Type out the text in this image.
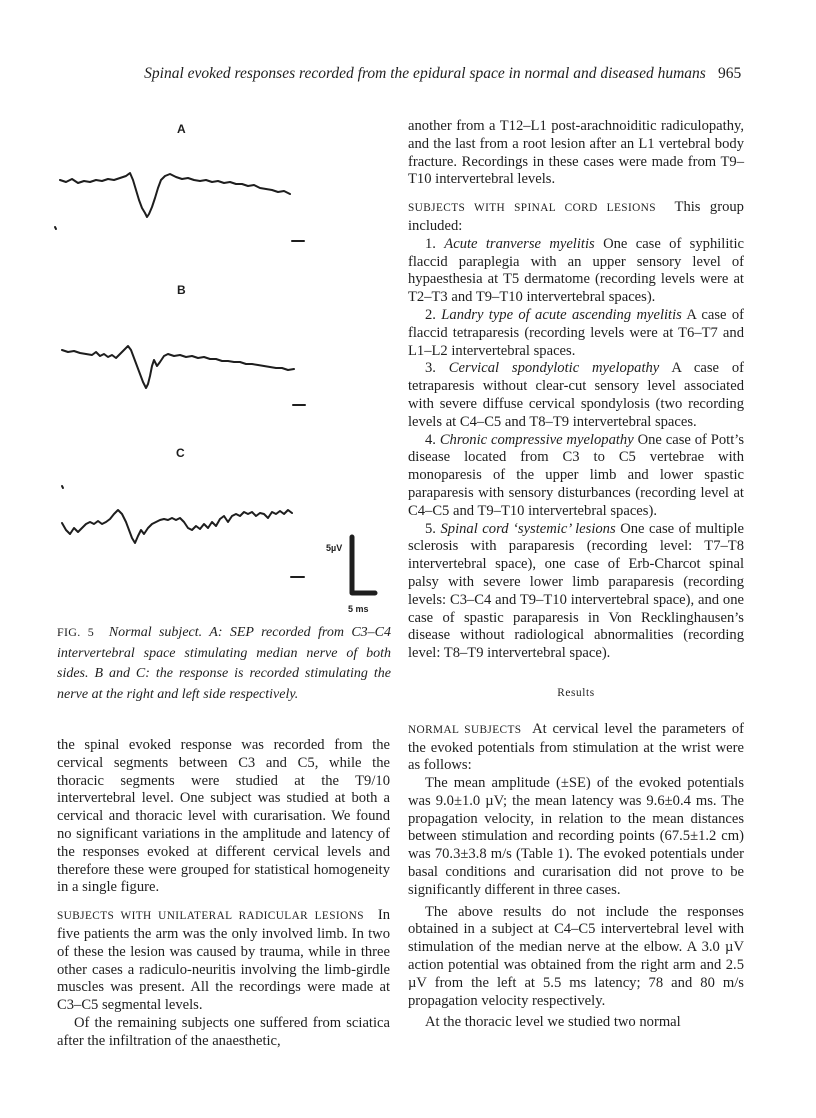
Spinal evoked responses recorded from the epidural space in normal and diseased humans 965
A
B
C
5µV
5 ms
FIG. 5 Normal subject. A: SEP recorded from C3–C4 intervertebral space stimulating median nerve of both sides. B and C: the response is recorded stimulating the nerve at the right and left side respectively.

the spinal evoked response was recorded from the cervical segments between C3 and C5, while the thoracic segments were studied at the T9/10 intervertebral level. One subject was studied at both a cervical and thoracic level with curarisation. We found no significant variations in the amplitude and latency of the responses evoked at different cervical levels and therefore these were grouped for statistical homogeneity in a single figure.

SUBJECTS WITH UNILATERAL RADICULAR LESIONS In five patients the arm was the only involved limb. In two of these the lesion was caused by trauma, while in three other cases a radiculo-neuritis involving the limb-girdle muscles was present. All the recordings were made at C3–C5 segmental levels.

Of the remaining subjects one suffered from sciatica after the infiltration of the anaesthetic,

another from a T12–L1 post-arachnoiditic radiculopathy, and the last from a root lesion after an L1 vertebral body fracture. Recordings in these cases were made from T9–T10 intervertebral levels.

SUBJECTS WITH SPINAL CORD LESIONS This group included:

1. Acute tranverse myelitis One case of syphilitic flaccid paraplegia with an upper sensory level of hypaesthesia at T5 dermatome (recording levels were at T2–T3 and T9–T10 intervertebral spaces).

2. Landry type of acute ascending myelitis A case of flaccid tetraparesis (recording levels were at T6–T7 and L1–L2 intervertebral spaces.

3. Cervical spondylotic myelopathy A case of tetraparesis without clear-cut sensory level associated with severe diffuse cervical spondylosis (two recording levels at C4–C5 and T8–T9 intervertebral spaces.

4. Chronic compressive myelopathy One case of Pott’s disease located from C3 to C5 vertebrae with monoparesis of the upper limb and lower spastic paraparesis with sensory disturbances (recording level at C4–C5 and T9–T10 intervertebral spaces).

5. Spinal cord ‘systemic’ lesions One case of multiple sclerosis with paraparesis (recording level: T7–T8 intervertebral space), one case of Erb-Charcot spinal palsy with severe lower limb paraparesis (recording levels: C3–C4 and T9–T10 intervertebral space), and one case of spastic paraparesis in Von Recklinghausen’s disease without radiological abnormalities (recording level: T8–T9 intervertebral space).

Results

NORMAL SUBJECTS At cervical level the parameters of the evoked potentials from stimulation at the wrist were as follows:

The mean amplitude (±SE) of the evoked potentials was 9.0±1.0 µV; the mean latency was 9.6±0.4 ms. The propagation velocity, in relation to the mean distances between stimulation and recording points (67.5±1.2 cm) was 70.3±3.8 m/s (Table 1). The evoked potentials under basal conditions and curarisation did not prove to be significantly different in three cases.

The above results do not include the responses obtained in a subject at C4–C5 intervertebral level with stimulation of the median nerve at the elbow. A 3.0 µV action potential was obtained from the right arm and 2.5 µV from the left at 5.5 ms latency; 78 and 80 m/s propagation velocity respectively.

At the thoracic level we studied two normal
